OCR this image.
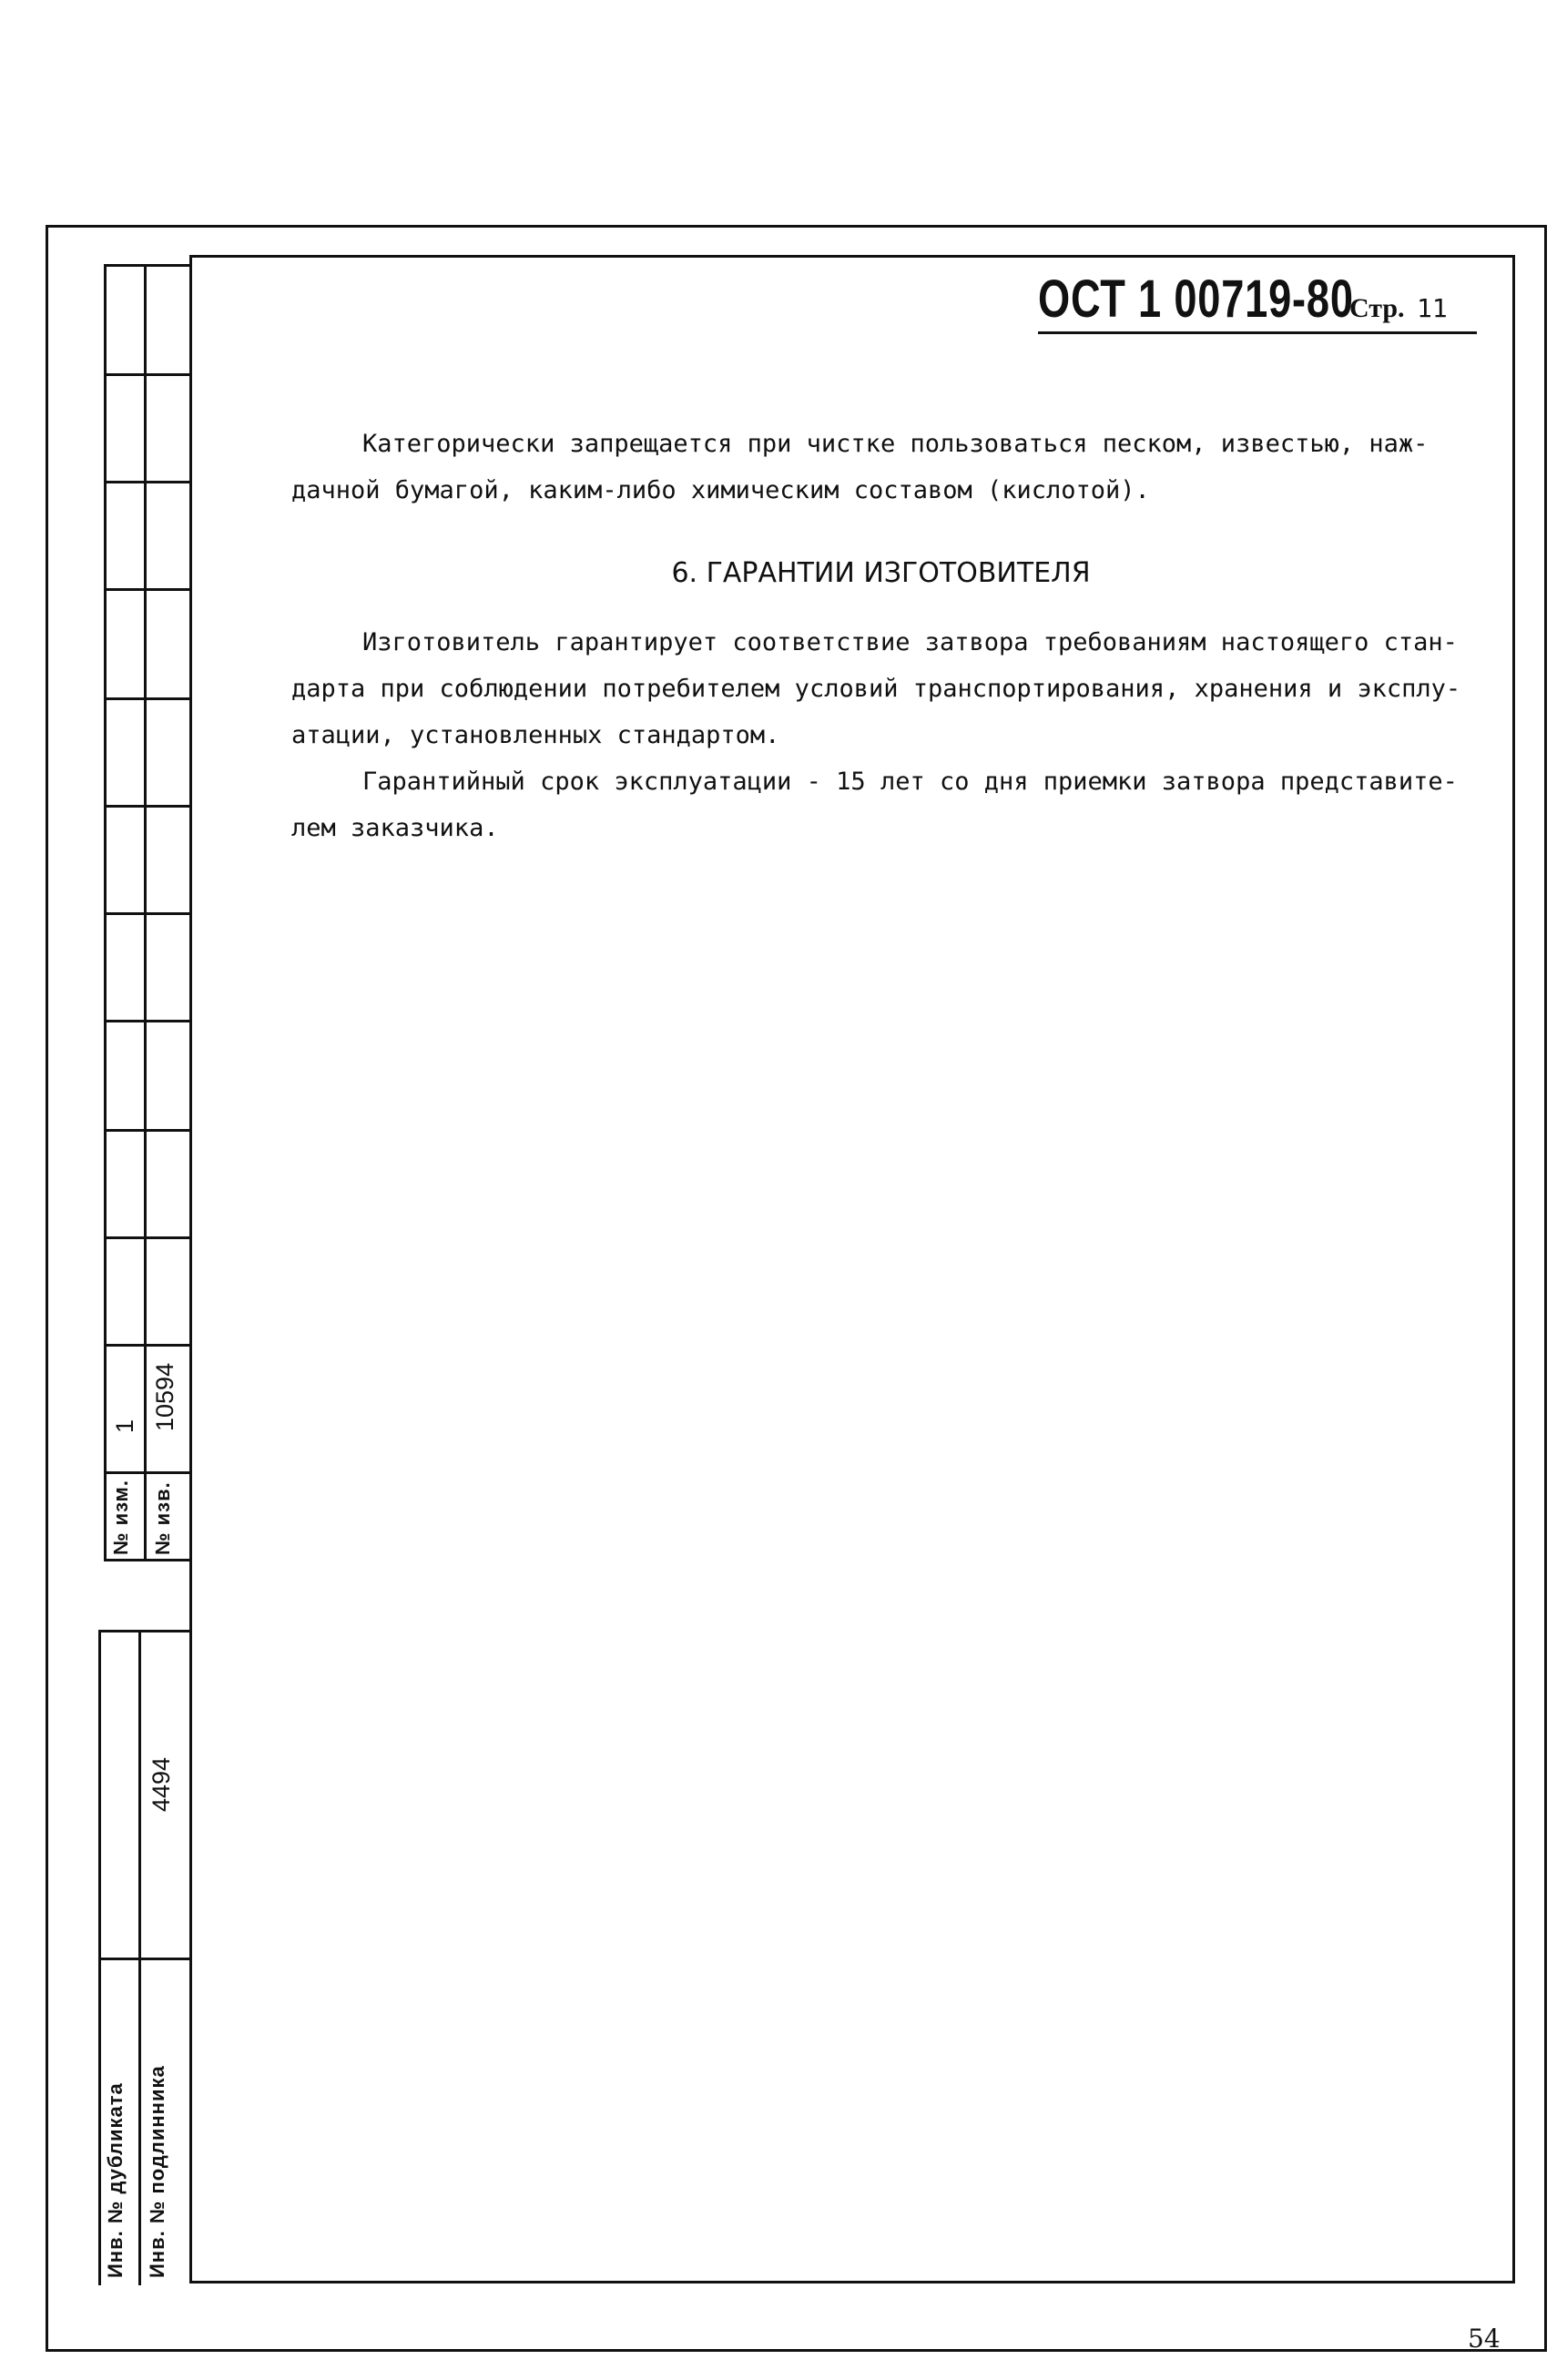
1
№ изм.
10594
№ изв.
Инв. № дубликата Инв. № подлинника
4494
ОСТ 1 00719-80
Стр. 11
Категорически запрещается при чистке пользоваться песком, известью, наж-
дачной бумагой, каким-либо химическим составом (кислотой).
6. ГАРАНТИИ ИЗГОТОВИТЕЛЯ
Изготовитель гарантирует соответствие затвора требованиям настоящего стан-
дарта при соблюдении потребителем условий транспортирования, хранения и эксплу-
атации, установленных стандартом.
Гарантийный срок эксплуатации - 15 лет со дня приемки затвора представите-
лем заказчика.
54
